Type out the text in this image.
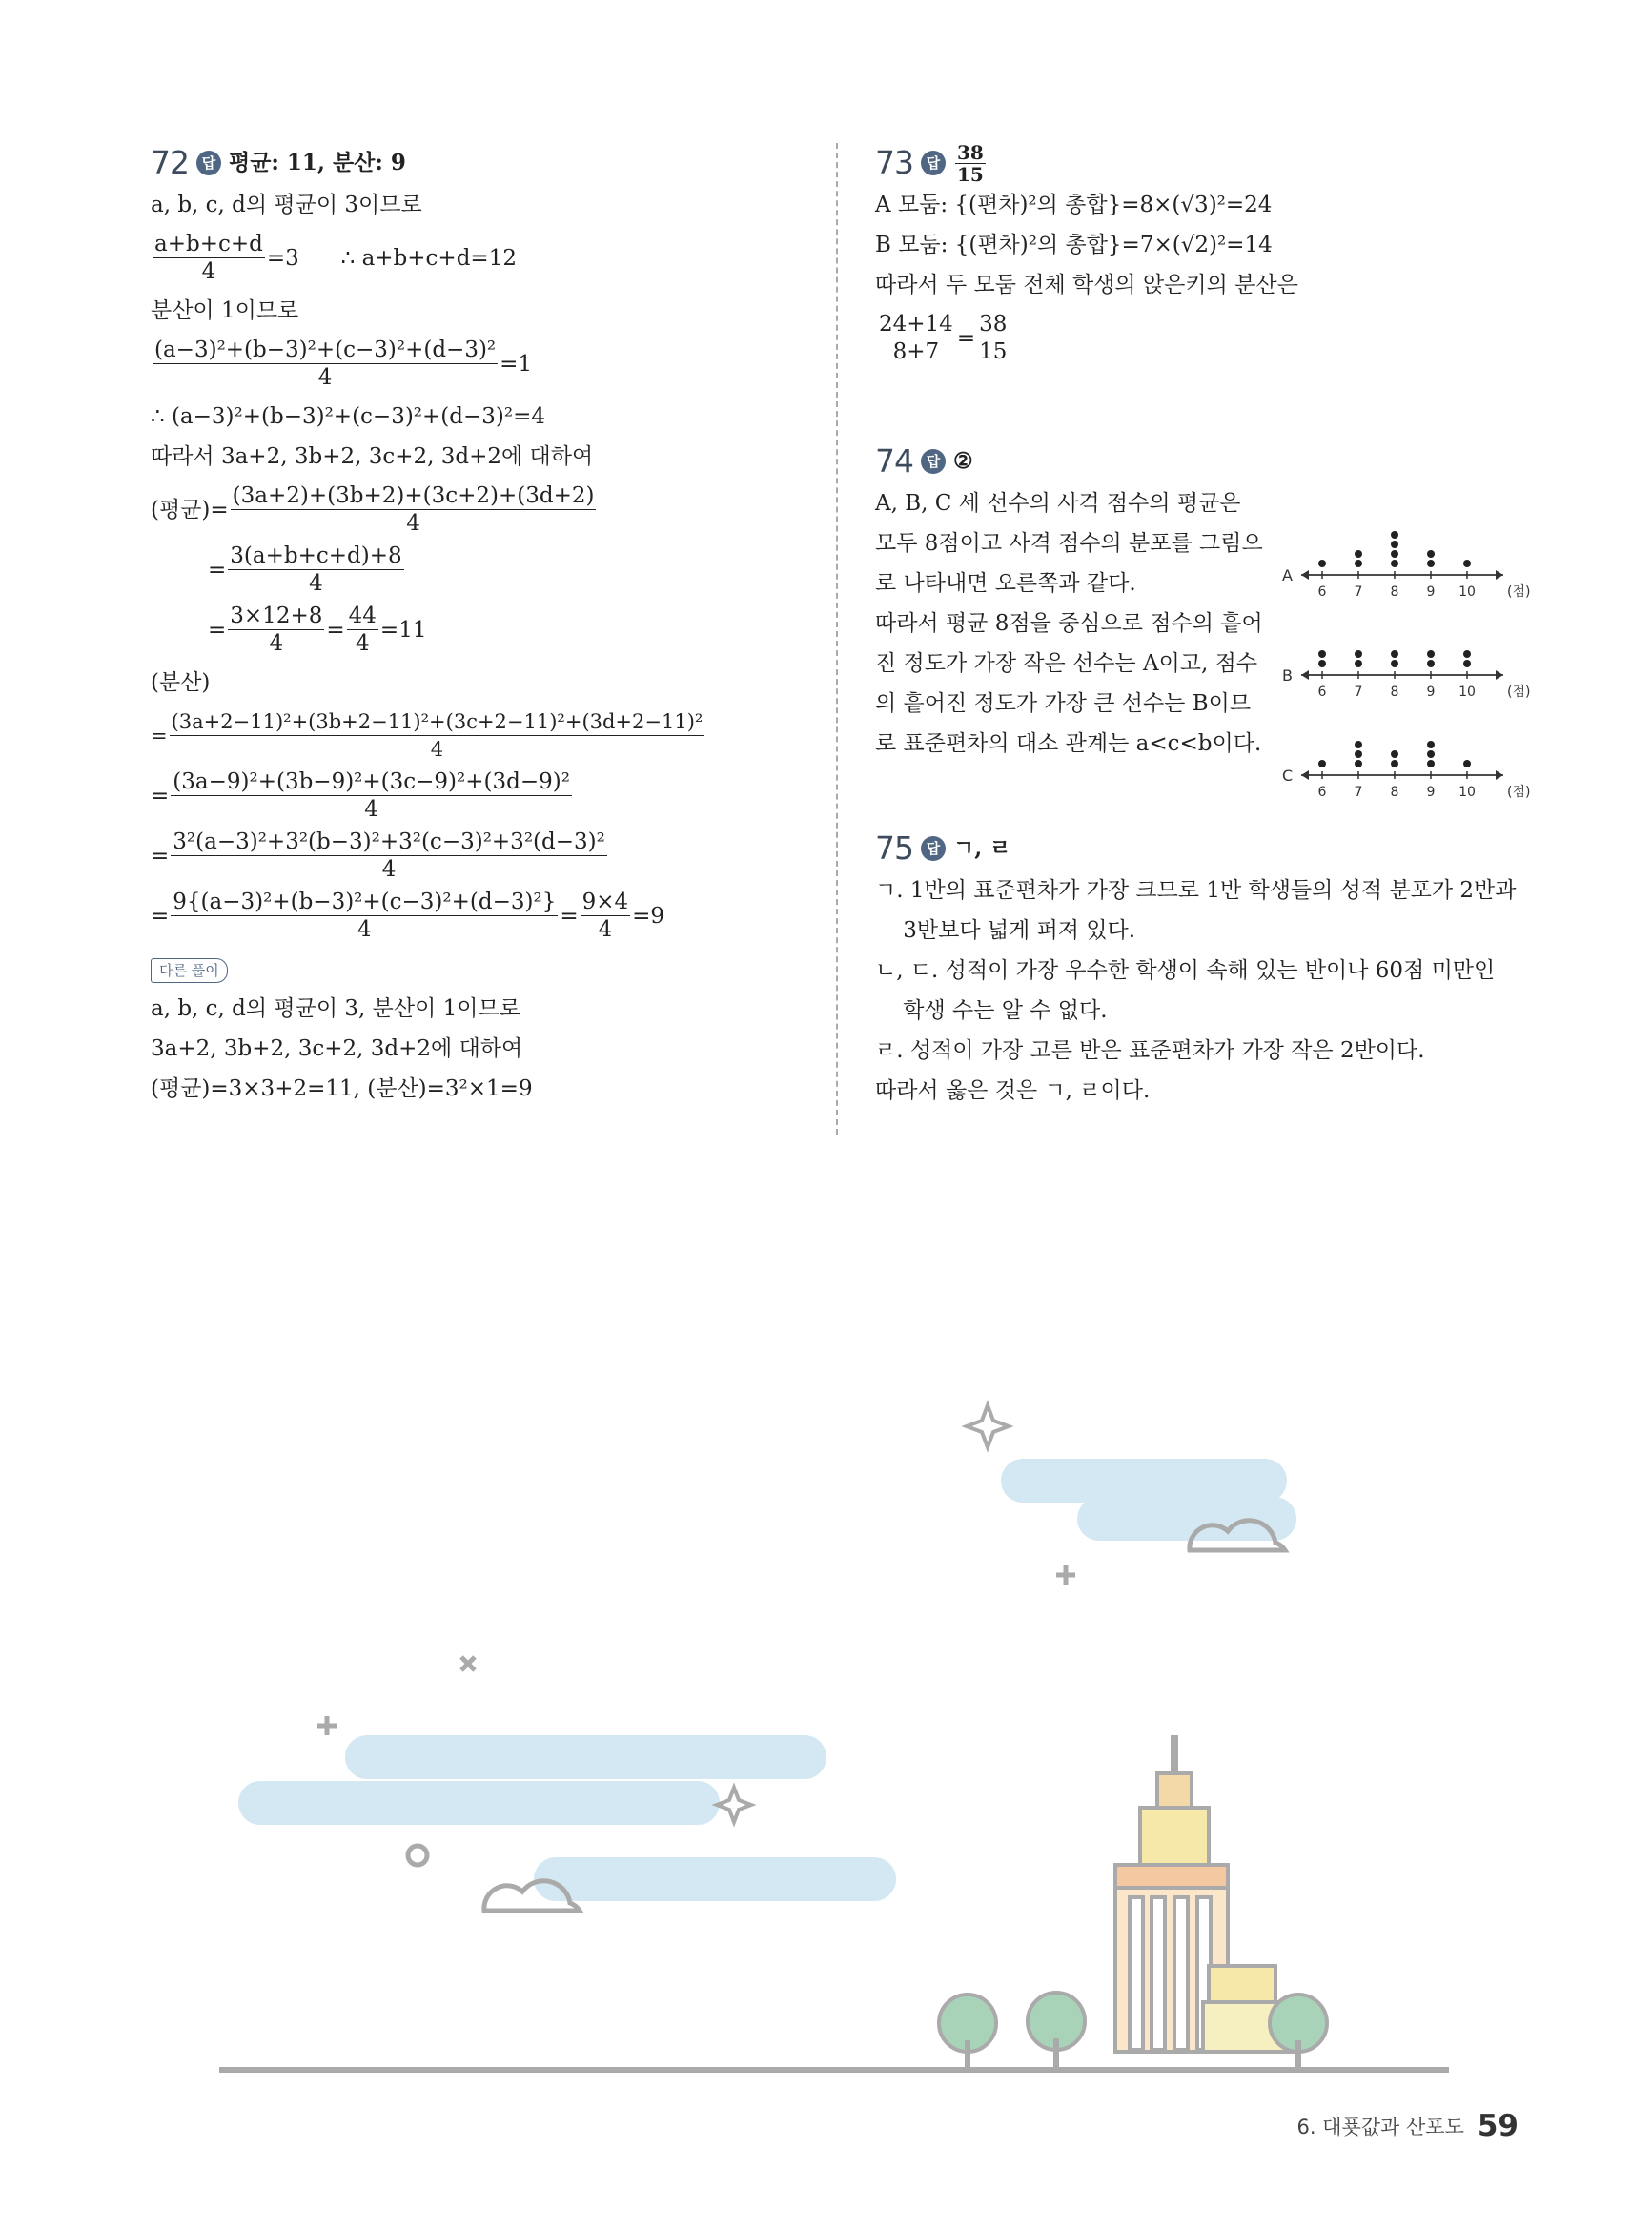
72 답 평균: 11, 분산: 9
a, b, c, d의 평균이 3이므로
$\frac{a+b+c+d}{4} =3$      ∴ a+b+c+d=12
분산이 1이므로
$\frac{\text{(a−3)²+(b−3)²+(c−3)²+(d−3)²}}{4} =1$
∴ (a−3)²+(b−3)²+(c−3)²+(d−3)²=4
따라서 3a+2, 3b+2, 3c+2, 3d+2에 대하여
(평균)= $\frac{(3a+2)+(3b+2)+(3c+2)+(3d+2)}{4}$
= $\frac{3(a+b+c+d)+8}{4}$
= $\frac{3\times 12+8}{4} = \frac{44}{4} =11$
(분산)
= $\frac{\text{(3a+2−11)²+(3b+2−11)²+(3c+2−11)²+(3d+2−11)²}}{4}$
= $\frac{\text{(3a−9)²+(3b−9)²+(3c−9)²+(3d−9)²}}{4}$
= $\frac{\text{3²(a−3)²+3²(b−3)²+3²(c−3)²+3²(d−3)²}}{4}$
= $\frac{\text{9\{(a−3)²+(b−3)²+(c−3)²+(d−3)²\}}}{4} = \frac{9\times 4}{4} =9$
다른 풀이
a, b, c, d의 평균이 3, 분산이 1이므로
3a+2, 3b+2, 3c+2, 3d+2에 대하여
(평균)=3×3+2=11, (분산)=3²×1=9
73 답 $\frac{38}{15}$
A 모둠: {(편차)²의 총합}=8×(√3)²=24
B 모둠: {(편차)²의 총합}=7×(√2)²=14
따라서 두 모둠 전체 학생의 앉은키의 분산은
$\frac{24+14}{8+7} = \frac{38}{15}$
74 답 ②
A, B, C 세 선수의 사격 점수의 평균은
모두 8점이고 사격 점수의 분포를 그림으
로 나타내면 오른쪽과 같다.
따라서 평균 8점을 중심으로 점수의 흩어
진 정도가 가장 작은 선수는 A이고, 점수
의 흩어진 정도가 가장 큰 선수는 B이므
로 표준편차의 대소 관계는 a<c<b이다.
75 답 ㄱ, ㄹ
ㄱ. 1반의 표준편차가 가장 크므로 1반 학생들의 성적 분포가 2반과
3반보다 넓게 퍼져 있다.
ㄴ, ㄷ. 성적이 가장 우수한 학생이 속해 있는 반이나 60점 미만인
학생 수는 알 수 없다.
ㄹ. 성적이 가장 고른 반은 표준편차가 가장 작은 2반이다.
따라서 옳은 것은 ㄱ, ㄹ이다.
A
6 7 8 9 10 (점)
B
6 7 8 9 10 (점)
C
6 7 8 9 10 (점)
6. 대푯값과 산포도 59
